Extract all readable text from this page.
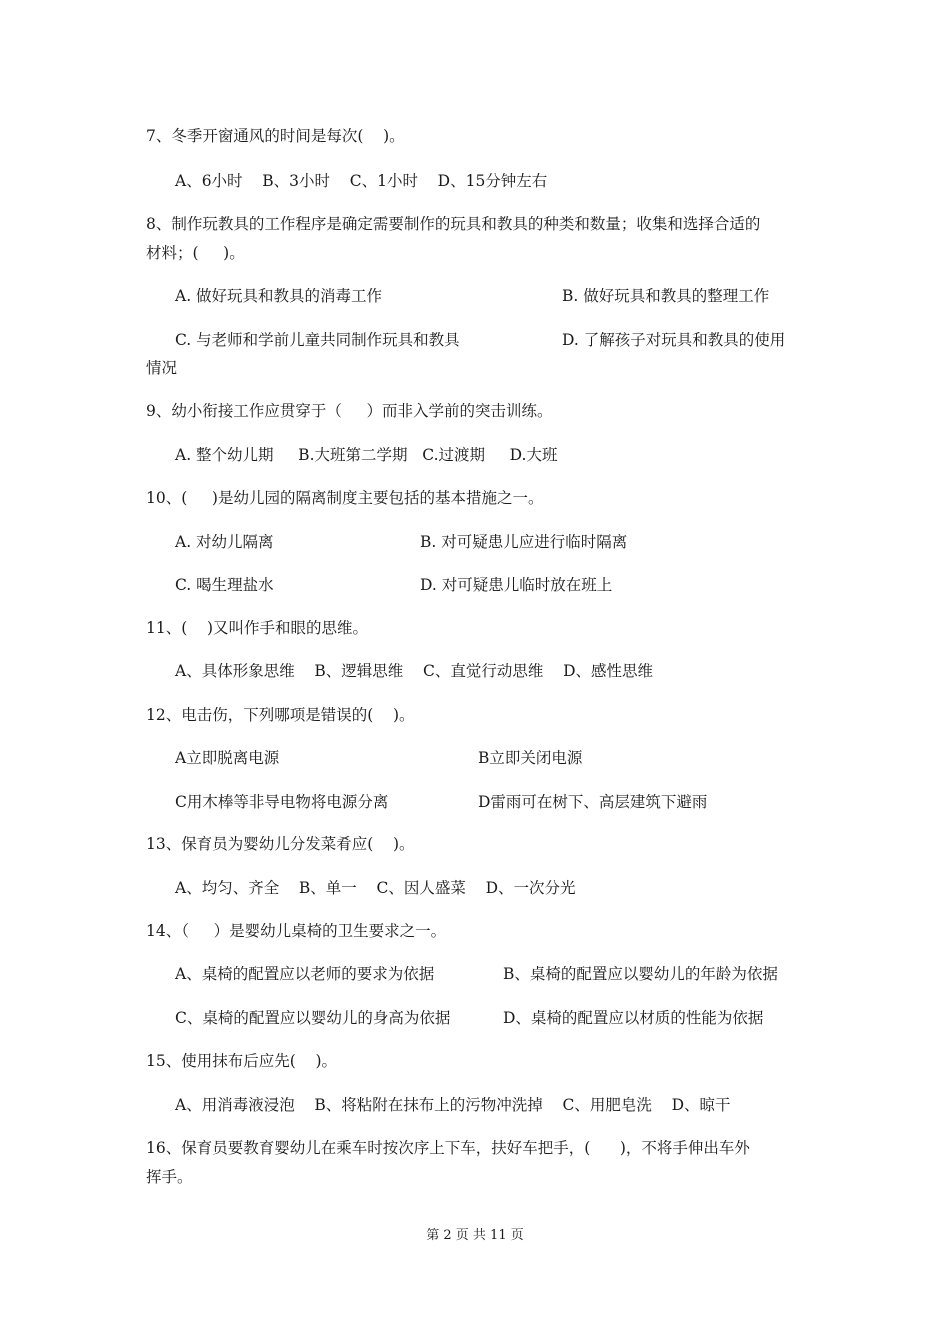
7、冬季开窗通风的时间是每次(    )。

A、6小时    B、3小时    C、1小时    D、15分钟左右

8、制作玩教具的工作程序是确定需要制作的玩具和教具的种类和数量；收集和选择合适的

材料；(     )。

A. 做好玩具和教具的消毒工作	B. 做好玩具和教具的整理工作

C. 与老师和学前儿童共同制作玩具和教具	D. 了解孩子对玩具和教具的使用

情况

9、幼小衔接工作应贯穿于（     ）而非入学前的突击训练。

A. 整个幼儿期     B.大班第二学期   C.过渡期     D.大班

10、(     )是幼儿园的隔离制度主要包括的基本措施之一。

A. 对幼儿隔离	B. 对可疑患儿应进行临时隔离

C. 喝生理盐水	D. 对可疑患儿临时放在班上

11、(    )又叫作手和眼的思维。

A、具体形象思维    B、逻辑思维    C、直觉行动思维    D、感性思维

12、电击伤，下列哪项是错误的(    )。

A立即脱离电源	B立即关闭电源

C用木棒等非导电物将电源分离	D雷雨可在树下、高层建筑下避雨

13、保育员为婴幼儿分发菜肴应(    )。

A、均匀、齐全    B、单一    C、因人盛菜    D、一次分光

14、（     ）是婴幼儿桌椅的卫生要求之一。

A、桌椅的配置应以老师的要求为依据	B、桌椅的配置应以婴幼儿的年龄为依据

C、桌椅的配置应以婴幼儿的身高为依据	D、桌椅的配置应以材质的性能为依据

15、使用抹布后应先(    )。

A、用消毒液浸泡    B、将粘附在抹布上的污物冲洗掉    C、用肥皂洗    D、晾干

16、保育员要教育婴幼儿在乘车时按次序上下车，扶好车把手，(      )，不将手伸出车外

挥手。

第 2 页 共 11 页
